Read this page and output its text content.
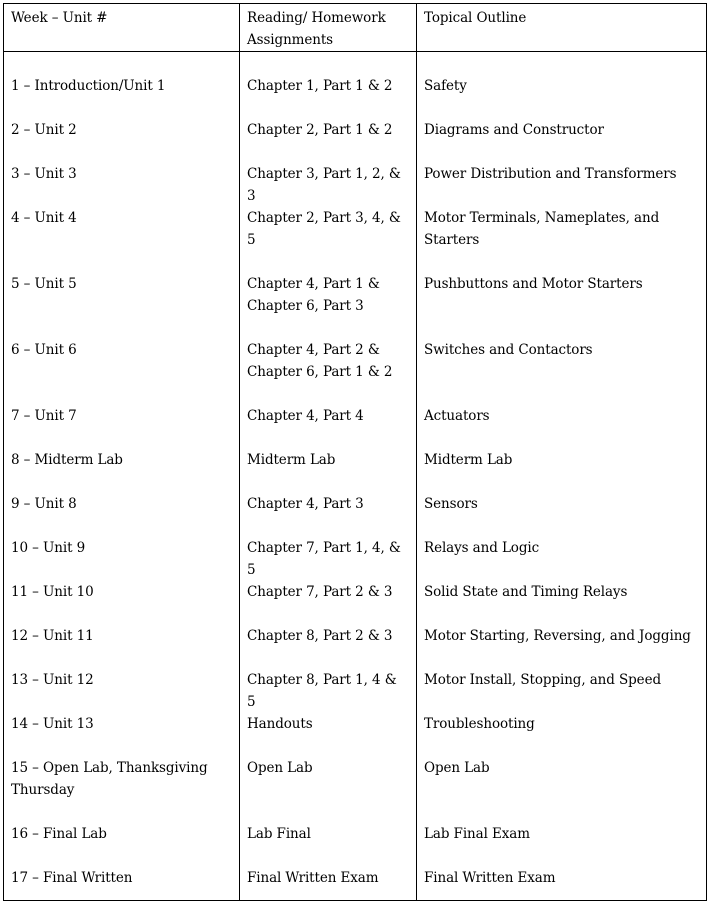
Week – Unit #	Reading/ Homework Assignments	Topical Outline

1 – Introduction/Unit 1	Chapter 1, Part 1 & 2	Safety
2 – Unit 2	Chapter 2, Part 1 & 2	Diagrams and Constructor
3 – Unit 3	Chapter 3, Part 1, 2, & 3	Power Distribution and Transformers
4 – Unit 4	Chapter 2, Part 3, 4, & 5	Motor Terminals, Nameplates, and Starters
5 – Unit 5	Chapter 4, Part 1 & Chapter 6, Part 3	Pushbuttons and Motor Starters
6 – Unit 6	Chapter 4, Part 2 & Chapter 6, Part 1 & 2	Switches and Contactors
7 – Unit 7	Chapter 4, Part 4	Actuators
8 – Midterm Lab	Midterm Lab	Midterm Lab
9 – Unit 8	Chapter 4, Part 3	Sensors
10 – Unit 9	Chapter 7, Part 1, 4, & 5	Relays and Logic
11 – Unit 10	Chapter 7, Part 2 & 3	Solid State and Timing Relays
12 – Unit 11	Chapter 8, Part 2 & 3	Motor Starting, Reversing, and Jogging
13 – Unit 12	Chapter 8, Part 1, 4 & 5	Motor Install, Stopping, and Speed
14 – Unit 13	Handouts	Troubleshooting
15 – Open Lab, Thanksgiving Thursday	Open Lab	Open Lab
16 – Final Lab	Lab Final	Lab Final Exam
17 – Final Written	Final Written Exam	Final Written Exam
